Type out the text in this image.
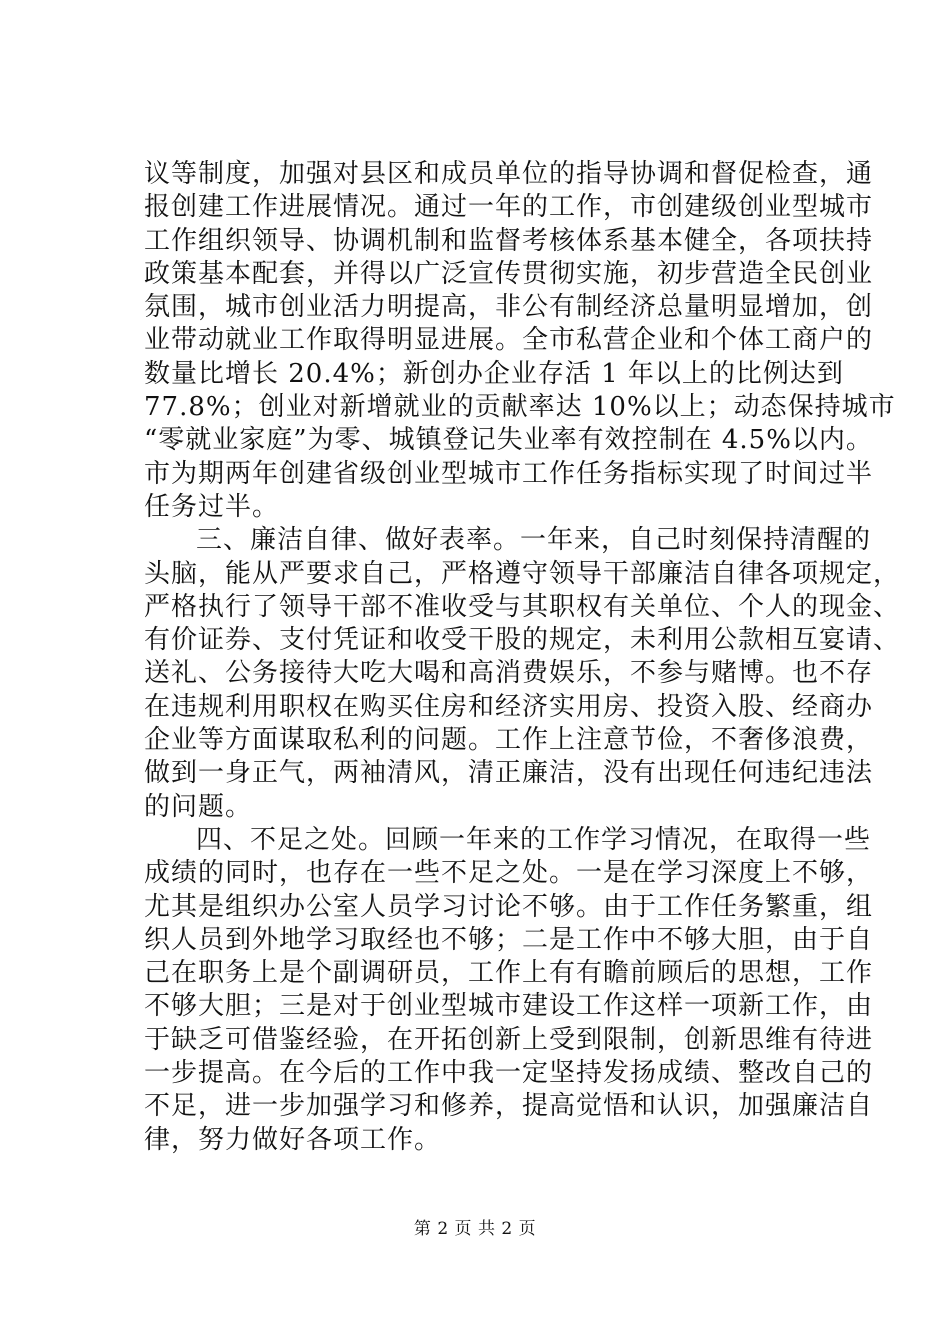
议等制度，加强对县区和成员单位的指导协调和督促检查，通
报创建工作进展情况。通过一年的工作，市创建级创业型城市
工作组织领导、协调机制和监督考核体系基本健全，各项扶持
政策基本配套，并得以广泛宣传贯彻实施，初步营造全民创业
氛围，城市创业活力明提高，非公有制经济总量明显增加，创
业带动就业工作取得明显进展。全市私营企业和个体工商户的
数量比增长 20.4%；新创办企业存活 1 年以上的比例达到
77.8%；创业对新增就业的贡献率达 10%以上；动态保持城市
“零就业家庭”为零、城镇登记失业率有效控制在 4.5%以内。
市为期两年创建省级创业型城市工作任务指标实现了时间过半
任务过半。
三、廉洁自律、做好表率。一年来，自己时刻保持清醒的
头脑，能从严要求自己，严格遵守领导干部廉洁自律各项规定，
严格执行了领导干部不准收受与其职权有关单位、个人的现金、
有价证券、支付凭证和收受干股的规定，未利用公款相互宴请、
送礼、公务接待大吃大喝和高消费娱乐，不参与赌博。也不存
在违规利用职权在购买住房和经济实用房、投资入股、经商办
企业等方面谋取私利的问题。工作上注意节俭，不奢侈浪费，
做到一身正气，两袖清风，清正廉洁，没有出现任何违纪违法
的问题。
四、不足之处。回顾一年来的工作学习情况，在取得一些
成绩的同时，也存在一些不足之处。一是在学习深度上不够，
尤其是组织办公室人员学习讨论不够。由于工作任务繁重，组
织人员到外地学习取经也不够；二是工作中不够大胆，由于自
己在职务上是个副调研员，工作上有有瞻前顾后的思想，工作
不够大胆；三是对于创业型城市建设工作这样一项新工作，由
于缺乏可借鉴经验，在开拓创新上受到限制，创新思维有待进
一步提高。在今后的工作中我一定坚持发扬成绩、整改自己的
不足，进一步加强学习和修养，提高觉悟和认识，加强廉洁自
律，努力做好各项工作。
第 2 页 共 2 页
